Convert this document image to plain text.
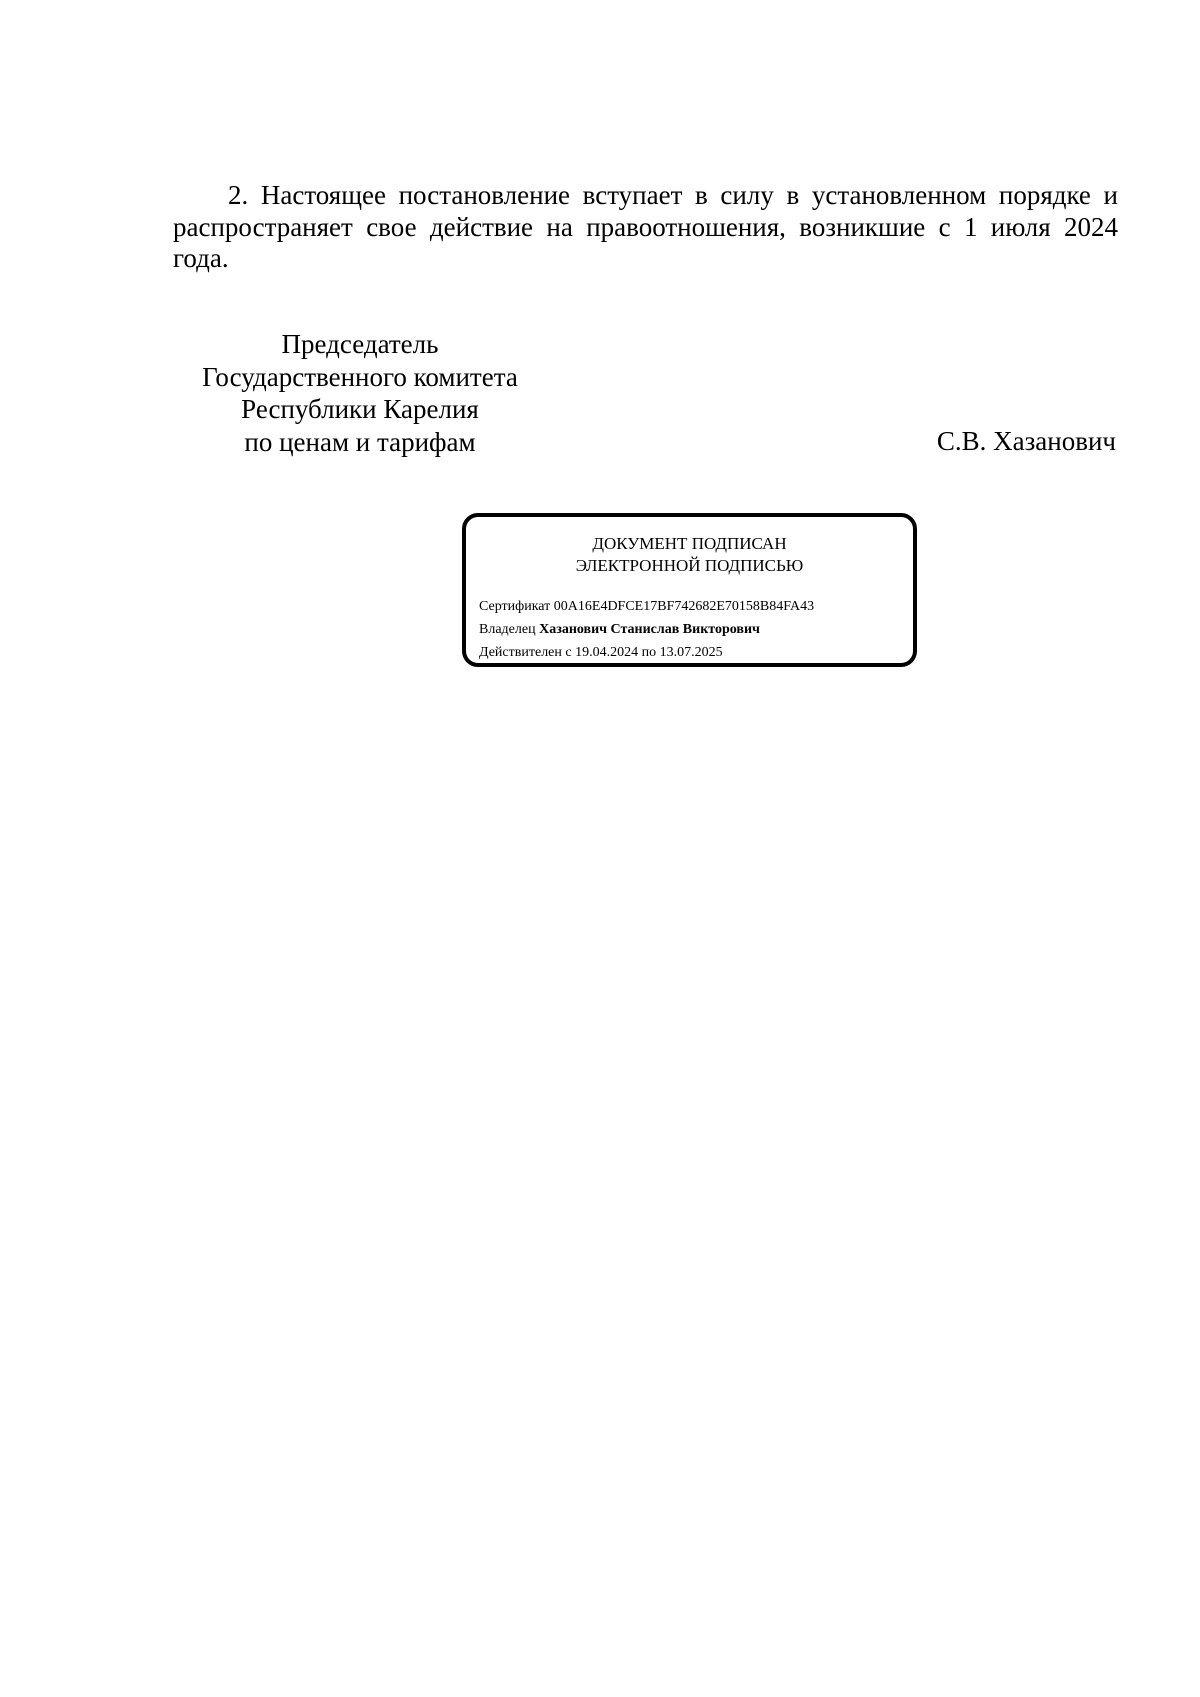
2. Настоящее постановление вступает в силу в установленном порядке и распространяет свое действие на правоотношения, возникшие с 1 июля 2024 года.

Председатель
Государственного комитета
Республики Карелия
по ценам и тарифам	С.В. Хазанович
ДОКУМЕНТ ПОДПИСАН
ЭЛЕКТРОННОЙ ПОДПИСЬЮ
Сертификат 00A16E4DFCE17BF742682E70158B84FA43
Владелец Хазанович Станислав Викторович
Действителен с 19.04.2024 по 13.07.2025
